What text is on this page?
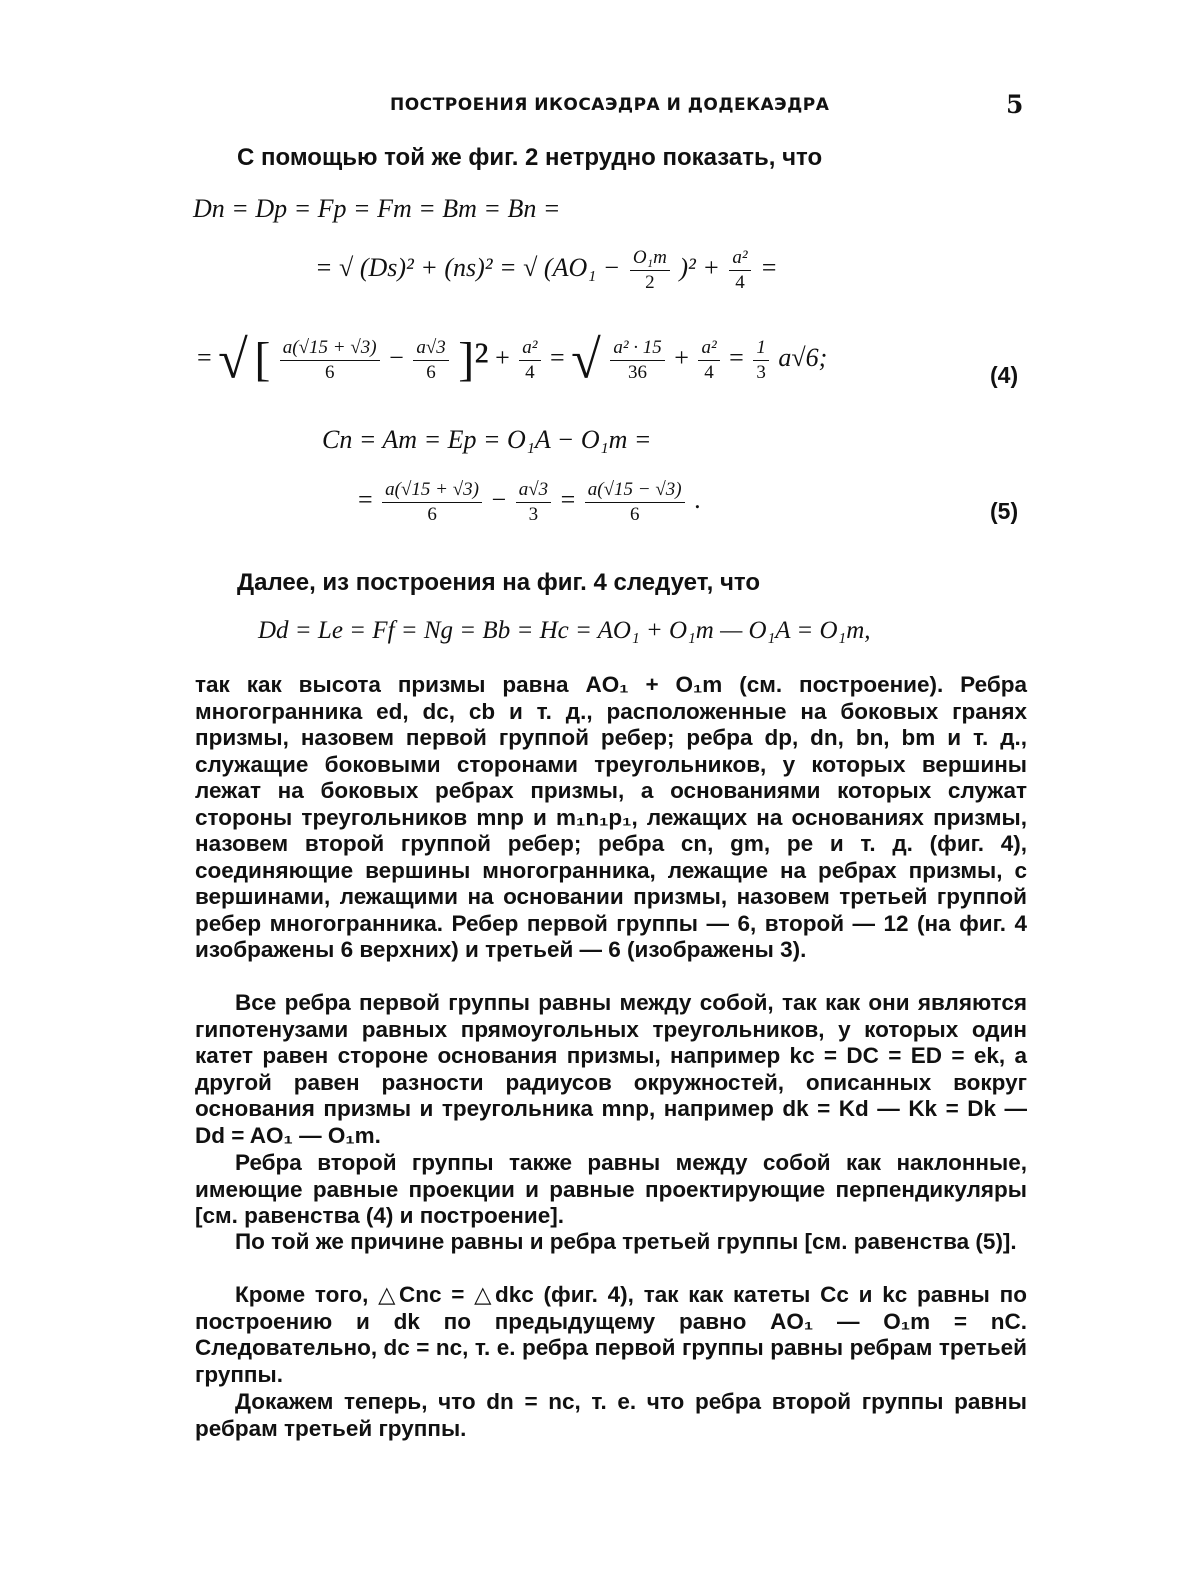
ПОСТРОЕНИЯ ИКОСАЭДРА И ДОДЕКАЭДРА	5
С помощью той же фиг. 2 нетрудно показать, что
Dn = Dp = Fp = Fm = Bm = Bn =
= √ (Ds)² + (ns)² = √ $(AO_1 - \frac{\text{O₁m}}{2} )^2 + \frac{\text{a²}}{4}$ =
= √ [ $\frac{a(√15 + √3)}{6} - \frac{a√3}{6} ]^2 + \frac{\text{a²}}{4}$ = √ $\frac{\text{a² · 15}}{36} + \frac{\text{a²}}{4} = \frac{1}{3} a√6$;
(4)
Cn = Am = Ep = O₁A − O₁m =
= $\frac{a(√15 + √3)}{6} - \frac{a√3}{3} = \frac{a(√15 - √3)}{6}$ .	(5)
Далее, из построения на фиг. 4 следует, что
Dd = Le = Ff = Ng = Bb = Hc = AO₁ + O₁m — O₁A = O₁m,
так как высота призмы равна AO₁ + O₁m (см. построение). Ребра многогранника ed, dc, cb и т. д., расположенные на боковых гранях призмы, назовем первой группой ребер; ребра dp, dn, bn, bm и т. д., служащие боковыми сторонами треугольников, у которых вершины лежат на боковых ребрах призмы, а основаниями которых служат стороны треугольников mnp и m₁n₁p₁, лежащих на основаниях призмы, назовем второй группой ребер; ребра cn, gm, pe и т. д. (фиг. 4), соединяющие вершины многогранника, лежащие на ребрах призмы, с вершинами, лежащими на основании призмы, назовем третьей группой ребер многогранника. Ребер первой группы — 6, второй — 12 (на фиг. 4 изображены 6 верхних) и третьей — 6 (изображены 3).
Все ребра первой группы равны между собой, так как они являются гипотенузами равных прямоугольных треугольников, у которых один катет равен стороне основания призмы, например kc = DC = ED = ek, а другой равен разности радиусов окружностей, описанных вокруг основания призмы и треугольника mnp, например dk = Kd — Kk = Dk — Dd = AO₁ — O₁m.
Ребра второй группы также равны между собой как наклонные, имеющие равные проекции и равные проектирующие перпендикуляры [см. равенства (4) и построение].
По той же причине равны и ребра третьей группы [см. равенства (5)].
Кроме того, △Cnc = △dkc (фиг. 4), так как катеты Cc и kc равны по построению и dk по предыдущему равно AO₁ — O₁m = nC. Следовательно, dc = nc, т. е. ребра первой группы равны ребрам третьей группы.
Докажем теперь, что dn = nc, т. е. что ребра второй группы равны ребрам третьей группы.
